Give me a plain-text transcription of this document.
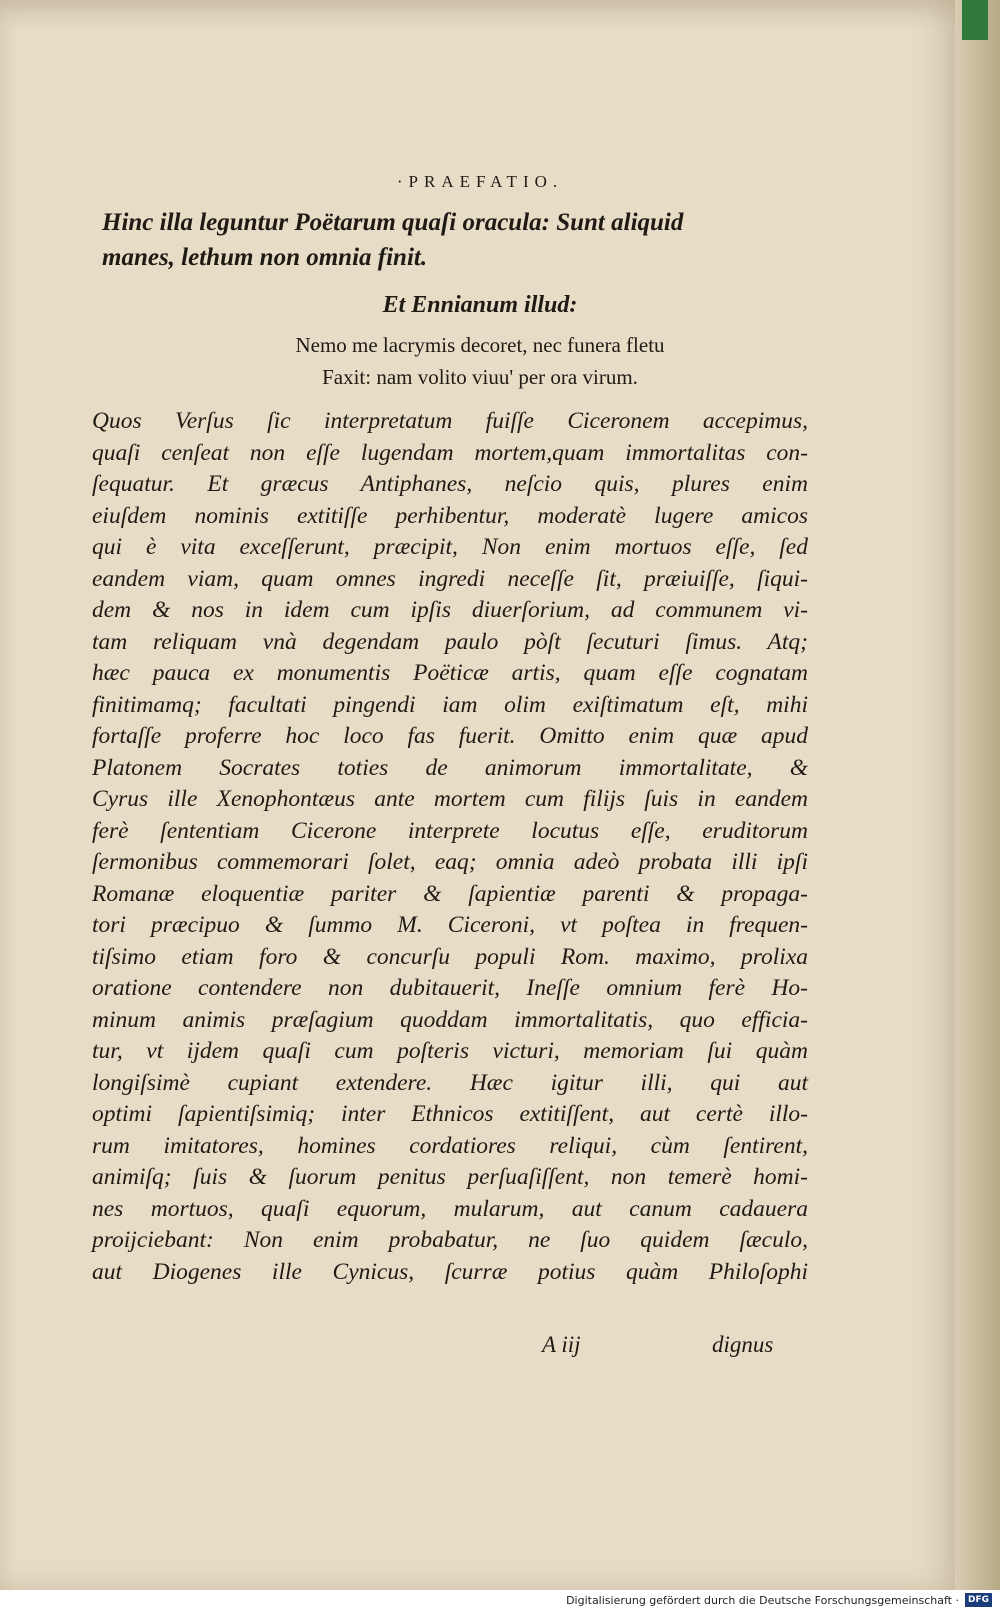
·PRAEFATIO.
Hinc illa leguntur Poëtarum quaſi oracula: Sunt aliquid
manes, lethum non omnia finit.
Et Ennianum illud:
Nemo me lacrymis decoret, nec funera fletu
Faxit: nam volito viuu' per ora virum.
Quos Verſus ſic interpretatum fuiſſe Ciceronem accepimus,
quaſi cenſeat non eſſe lugendam mortem,quam immortalitas con-
ſequatur. Et græcus Antiphanes, neſcio quis, plures enim
eiuſdem nominis extitiſſe perhibentur, moderatè lugere amicos
qui è vita exceſſerunt, præcipit, Non enim mortuos eſſe, ſed
eandem viam, quam omnes ingredi neceſſe ſit, præiuiſſe, ſiqui-
dem & nos in idem cum ipſis diuerſorium, ad communem vi-
tam reliquam vnà degendam paulo pòſt ſecuturi ſimus. Atq;
hæc pauca ex monumentis Poëticæ artis, quam eſſe cognatam
finitimamq; facultati pingendi iam olim exiſtimatum eſt, mihi
fortaſſe proferre hoc loco fas fuerit. Omitto enim quæ apud
Platonem Socrates toties de animorum immortalitate, &
Cyrus ille Xenophontæus ante mortem cum filijs ſuis in eandem
ferè ſententiam Cicerone interprete locutus eſſe, eruditorum
ſermonibus commemorari ſolet, eaq; omnia adeò probata illi ipſi
Romanæ eloquentiæ pariter & ſapientiæ parenti & propaga-
tori præcipuo & ſummo M. Ciceroni, vt poſtea in frequen-
tiſsimo etiam foro & concurſu populi Rom. maximo, prolixa
oratione contendere non dubitauerit, Ineſſe omnium ferè Ho-
minum animis præſagium quoddam immortalitatis, quo efficia-
tur, vt ijdem quaſi cum poſteris victuri, memoriam ſui quàm
longiſsimè cupiant extendere. Hæc igitur illi, qui aut
optimi ſapientiſsimiq; inter Ethnicos extitiſſent, aut certè illo-
rum imitatores, homines cordatiores reliqui, cùm ſentirent,
animiſq; ſuis & ſuorum penitus perſuaſiſſent, non temerè homi-
nes mortuos, quaſi equorum, mularum, aut canum cadauera
proijciebant: Non enim probabatur, ne ſuo quidem ſæculo,
aut Diogenes ille Cynicus, ſcurræ potius quàm Philoſophi
A iij	dignus
Digitalisierung gefördert durch die Deutsche Forschungsgemeinschaft ·	DFG
